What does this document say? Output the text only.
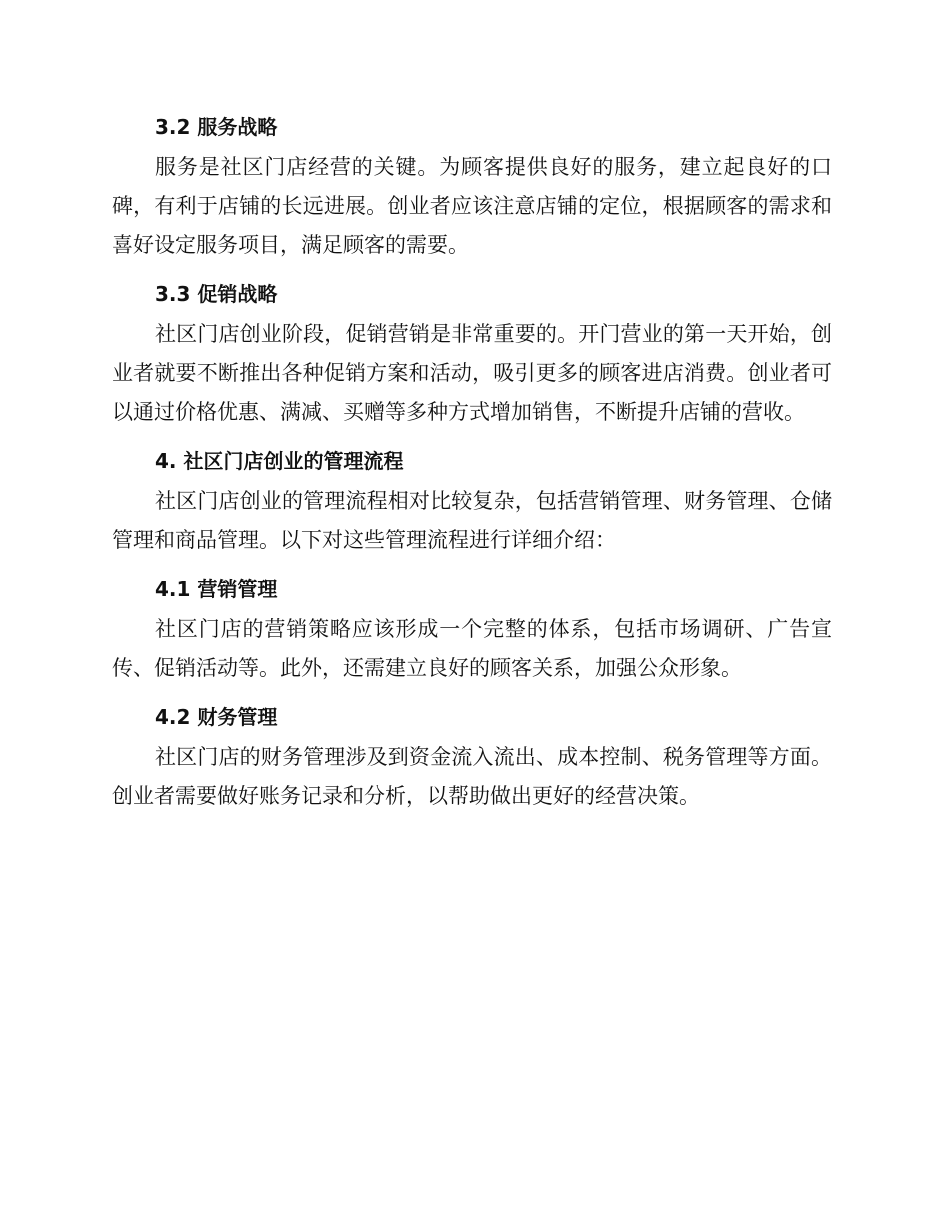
3.2 服务战略

服务是社区门店经营的关键。为顾客提供良好的服务，建立起良好的口碑，有利于店铺的长远进展。创业者应该注意店铺的定位，根据顾客的需求和喜好设定服务项目，满足顾客的需要。

3.3 促销战略

社区门店创业阶段，促销营销是非常重要的。开门营业的第一天开始，创业者就要不断推出各种促销方案和活动，吸引更多的顾客进店消费。创业者可以通过价格优惠、满减、买赠等多种方式增加销售，不断提升店铺的营收。

4. 社区门店创业的管理流程

社区门店创业的管理流程相对比较复杂，包括营销管理、财务管理、仓储管理和商品管理。以下对这些管理流程进行详细介绍：

4.1 营销管理

社区门店的营销策略应该形成一个完整的体系，包括市场调研、广告宣传、促销活动等。此外，还需建立良好的顾客关系，加强公众形象。

4.2 财务管理

社区门店的财务管理涉及到资金流入流出、成本控制、税务管理等方面。创业者需要做好账务记录和分析，以帮助做出更好的经营决策。
